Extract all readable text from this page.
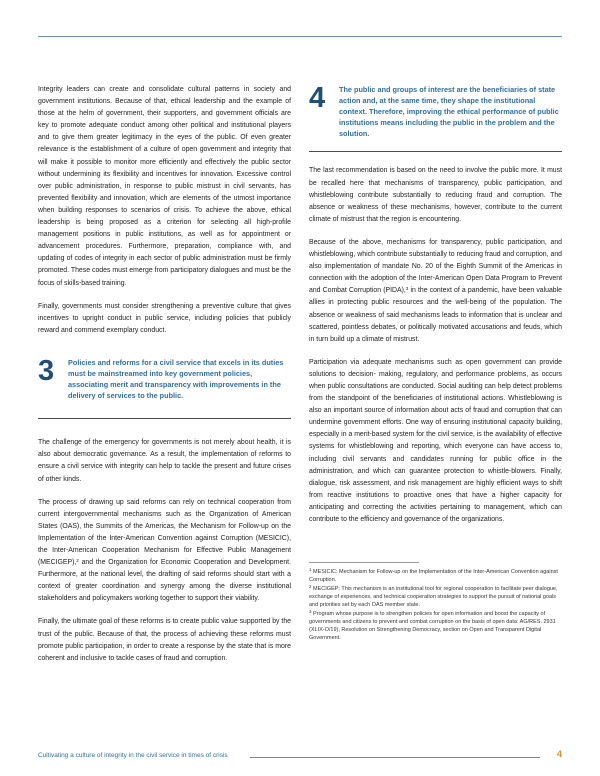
Integrity leaders can create and consolidate cultural patterns in society and government institutions. Because of that, ethical leadership and the example of those at the helm of government, their supporters, and government officials are key to promote adequate conduct among other political and institutional players and to give them greater legitimacy in the eyes of the public. Of even greater relevance is the establishment of a culture of open government and integrity that will make it possible to monitor more efficiently and effectively the public sector without undermining its flexibility and incentives for innovation. Excessive control over public administration, in response to public mistrust in civil servants, has prevented flexibility and innovation, which are elements of the utmost importance when building responses to scenarios of crisis. To achieve the above, ethical leadership is being proposed as a criterion for selecting all high-profile management positions in public institutions, as well as for appointment or advancement procedures. Furthermore, preparation, compliance with, and updating of codes of integrity in each sector of public administration must be firmly promoted. These codes must emerge from participatory dialogues and must be the focus of skills-based training.

Finally, governments must consider strengthening a preventive culture that gives incentives to upright conduct in public service, including policies that publicly reward and commend exemplary conduct.

3 Policies and reforms for a civil service that excels in its duties must be mainstreamed into key government policies, associating merit and transparency with improvements in the delivery of services to the public.

The challenge of the emergency for governments is not merely about health, it is also about democratic governance. As a result, the implementation of reforms to ensure a civil service with integrity can help to tackle the present and future crises of other kinds.

The process of drawing up said reforms can rely on technical cooperation from current intergovernmental mechanisms such as the Organization of American States (OAS), the Summits of the Americas, the Mechanism for Follow-up on the Implementation of the Inter-American Convention against Corruption (MESICIC), the Inter-American Cooperation Mechanism for Effective Public Management (MECIGEP),$^2$ and the Organization for Economic Cooperation and Development. Furthermore, at the national level, the drafting of said reforms should start with a context of greater coordination and synergy among the diverse institutional stakeholders and policymakers working together to support their viability.

Finally, the ultimate goal of these reforms is to create public value supported by the trust of the public. Because of that, the process of achieving these reforms must promote public participation, in order to create a response by the state that is more coherent and inclusive to tackle cases of fraud and corruption.

4 The public and groups of interest are the beneficiaries of state action and, at the same time, they shape the institutional context. Therefore, improving the ethical performance of public institutions means including the public in the problem and the solution.

The last recommendation is based on the need to involve the public more. It must be recalled here that mechanisms of transparency, public participation, and whistleblowing contribute substantially to reducing fraud and corruption. The absence or weakness of these mechanisms, however, contribute to the current climate of mistrust that the region is encountering.

Because of the above, mechanisms for transparency, public participation, and whistleblowing, which contribute substantially to reducing fraud and corruption, and also implementation of mandate No. 20 of the Eighth Summit of the Americas in connection with the adoption of the Inter-American Open Data Program to Prevent and Combat Corruption (PIDA),$^3$ in the context of a pandemic, have been valuable allies in protecting public resources and the well-being of the population. The absence or weakness of said mechanisms leads to information that is unclear and scattered, pointless debates, or politically motivated accusations and feuds, which in turn build up a climate of mistrust.

Participation via adequate mechanisms such as open government can provide solutions to decision- making, regulatory, and performance problems, as occurs when public consultations are conducted. Social auditing can help detect problems from the standpoint of the beneficiaries of institutional actions. Whistleblowing is also an important source of information about acts of fraud and corruption that can undermine government efforts. One way of ensuring institutional capacity building, especially in a merit-based system for the civil service, is the availability of effective systems for whistleblowing and reporting, which everyone can have access to, including civil servants and candidates running for public office in the administration, and which can guarantee protection to whistle-blowers. Finally, dialogue, risk assessment, and risk management are highly efficient ways to shift from reactive institutions to proactive ones that have a higher capacity for anticipating and correcting the activities pertaining to management, which can contribute to the efficiency and governance of the organizations.

$^1$ MESICIC: Mechanism for Follow-up on the Implementation of the Inter-American Convention against Corruption.

$^2$ MECIGEP: This mechanism is an institutional tool for regional cooperation to facilitate peer dialogue, exchange of experiences, and technical cooperation strategies to support the pursuit of national goals and priorities set by each OAS member state.

$^3$ Program whose purpose is to strengthen policies for open information and boost the capacity of governments and citizens to prevent and combat corruption on the basis of open data: AG/RES. 2931 (XLIX-O/19), Resolution on Strengthening Democracy, section on Open and Transparent Digital Government.

Cultivating a culture of integrity in the civil service in times of crisis	4
